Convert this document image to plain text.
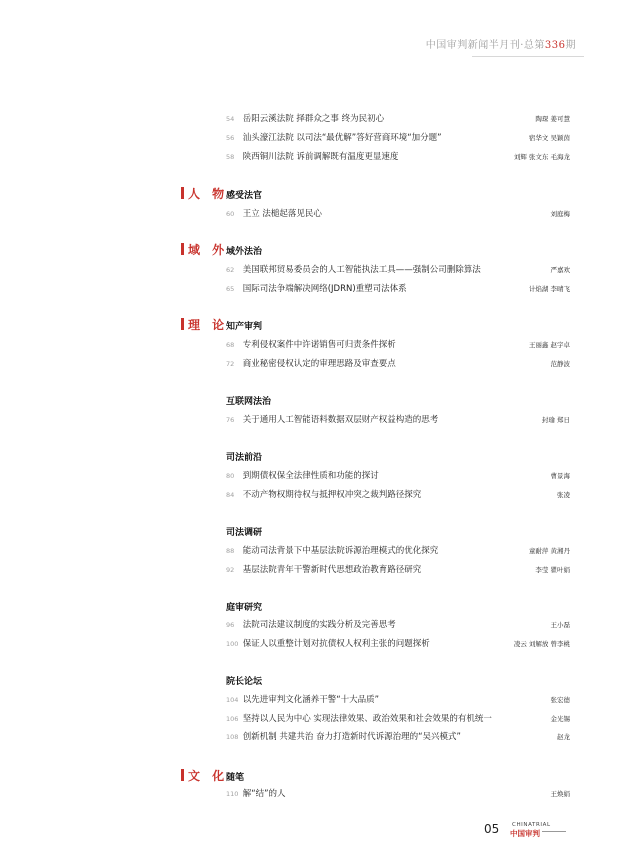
中国审判新闻半月刊·总第336期
54 岳阳云溪法院 择群众之事 终为民初心	陶琛 姜可慧
56 汕头濠江法院 以司法“最优解”答好营商环境“加分题”	宿华文 吴颖茵
58 陕西铜川法院 诉前调解既有温度更显速度	刘辉 张文东 毛海龙
人 物
感受法官
60 王立 法槌起落见民心	刘庭梅
域 外
域外法治
62 美国联邦贸易委员会的人工智能执法工具——强制公司删除算法	严嘉欢
65 国际司法争端解决网络(JDRN)重塑司法体系	计焰湖 李晴飞
理 论
知产审判
68 专利侵权案件中许诺销售可归责条件探析	王丽鑫 赵宇卓
72 商业秘密侵权认定的审理思路及审查要点	范静波
互联网法治
76 关于通用人工智能语料数据双层财产权益构造的思考	封瑜 郑日
司法前沿
80 到期债权保全法律性质和功能的探讨	曹景海
84 不动产物权期待权与抵押权冲突之裁判路径探究	张凌
司法调研
88 能动司法背景下中基层法院诉源治理模式的优化探究	童耐萍 黄湘丹
92 基层法院青年干警新时代思想政治教育路径研究	李莹 瞿叶娟
庭审研究
96 法院司法建议制度的实践分析及完善思考	王小磊
100 保证人以重整计划对抗债权人权利主张的问题探析	凌云 刘解放 曾李桃
院长论坛
104 以先进审判文化涵养干警“十大品质”	张宏德
106 坚持以人民为中心 实现法律效果、政治效果和社会效果的有机统一	金光锡
108 创新机制 共建共治 奋力打造新时代诉源治理的“吴兴模式”	赵龙
文 化
随笔
110 解“结”的人	王焕娟
05 CHINATRIAL
中国审判
